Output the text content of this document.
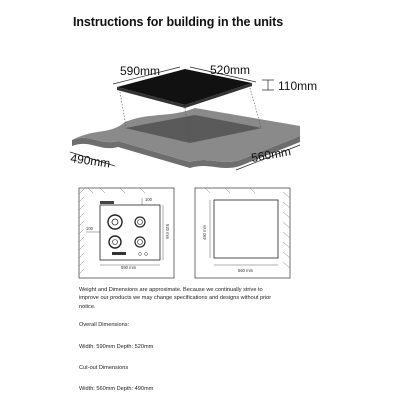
Instructions for building in the units
590mm	520mm
110mm
490mm	560mm
100
100	520 mm
590 mm
490 mm
560 mm

Weight and Dimensions are approximate. Because we continually strive to

improve our products we may change specifications and designs without prior

notice.

Overall Dimensions:

Width: 590mm Depth: 520mm

Cut-out Dimensions

Width: 560mm Depth: 490mm
